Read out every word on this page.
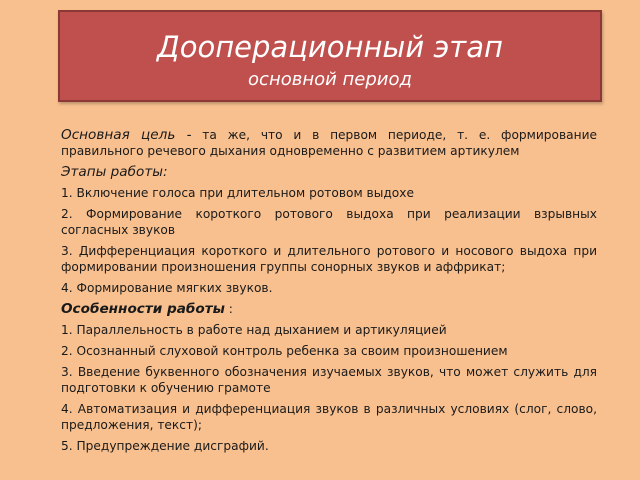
Дооперационный этап
основной период

Основная цель - та же, что и в первом периоде, т. е. формирование правильного речевого дыхания одновременно с развитием артикулем

Этапы работы:

1. Включение голоса при длительном ротовом выдохе

2. Формирование короткого ротового выдоха при реализации взрывных согласных звуков

3. Дифференциация короткого и длительного ротового и носового выдоха при формировании произношения группы сонорных звуков и аффрикат;

4. Формирование мягких звуков.

Особенности работы :

1. Параллельность в работе над дыханием и артикуляцией

2. Осознанный слуховой контроль ребенка за своим произношением

3. Введение буквенного обозначения изучаемых звуков, что может служить для подготовки к обучению грамоте

4. Автоматизация и дифференциация звуков в различных условиях (слог, слово, предложения, текст);

5. Предупреждение дисграфий.
